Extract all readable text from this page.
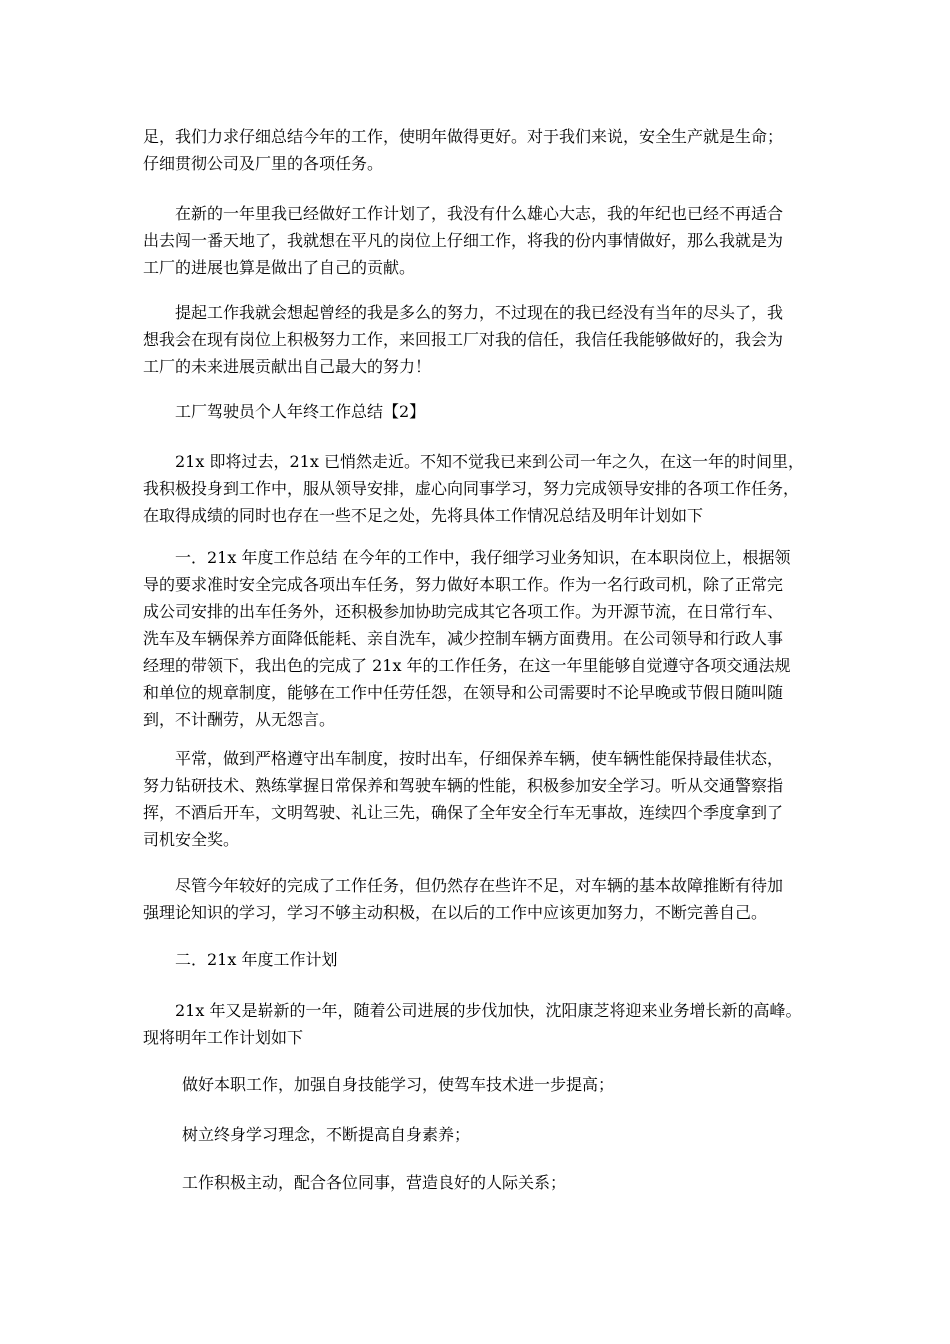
足，我们力求仔细总结今年的工作，使明年做得更好。对于我们来说，安全生产就是生命；
仔细贯彻公司及厂里的各项任务。
在新的一年里我已经做好工作计划了，我没有什么雄心大志，我的年纪也已经不再适合
出去闯一番天地了，我就想在平凡的岗位上仔细工作，将我的份内事情做好，那么我就是为
工厂的进展也算是做出了自己的贡献。
提起工作我就会想起曾经的我是多么的努力，不过现在的我已经没有当年的尽头了，我
想我会在现有岗位上积极努力工作，来回报工厂对我的信任，我信任我能够做好的，我会为
工厂的未来进展贡献出自己最大的努力！
工厂驾驶员个人年终工作总结【2】
21x 即将过去，21x 已悄然走近。不知不觉我已来到公司一年之久，在这一年的时间里，
我积极投身到工作中，服从领导安排，虚心向同事学习，努力完成领导安排的各项工作任务，
在取得成绩的同时也存在一些不足之处，先将具体工作情况总结及明年计划如下
一．21x 年度工作总结 在今年的工作中，我仔细学习业务知识，在本职岗位上，根据领
导的要求准时安全完成各项出车任务，努力做好本职工作。作为一名行政司机，除了正常完
成公司安排的出车任务外，还积极参加协助完成其它各项工作。为开源节流，在日常行车、
洗车及车辆保养方面降低能耗、亲自洗车，减少控制车辆方面费用。在公司领导和行政人事
经理的带领下，我出色的完成了 21x 年的工作任务，在这一年里能够自觉遵守各项交通法规
和单位的规章制度，能够在工作中任劳任怨，在领导和公司需要时不论早晚或节假日随叫随
到，不计酬劳，从无怨言。
平常，做到严格遵守出车制度，按时出车，仔细保养车辆，使车辆性能保持最佳状态，
努力钻研技术、熟练掌握日常保养和驾驶车辆的性能，积极参加安全学习。听从交通警察指
挥，不酒后开车，文明驾驶、礼让三先，确保了全年安全行车无事故，连续四个季度拿到了
司机安全奖。
尽管今年较好的完成了工作任务，但仍然存在些许不足，对车辆的基本故障推断有待加
强理论知识的学习，学习不够主动积极，在以后的工作中应该更加努力，不断完善自己。
二．21x 年度工作计划
21x 年又是崭新的一年，随着公司进展的步伐加快，沈阳康芝将迎来业务增长新的高峰。
现将明年工作计划如下

做好本职工作，加强自身技能学习，使驾车技术进一步提高；

树立终身学习理念，不断提高自身素养；

工作积极主动，配合各位同事，营造良好的人际关系；
